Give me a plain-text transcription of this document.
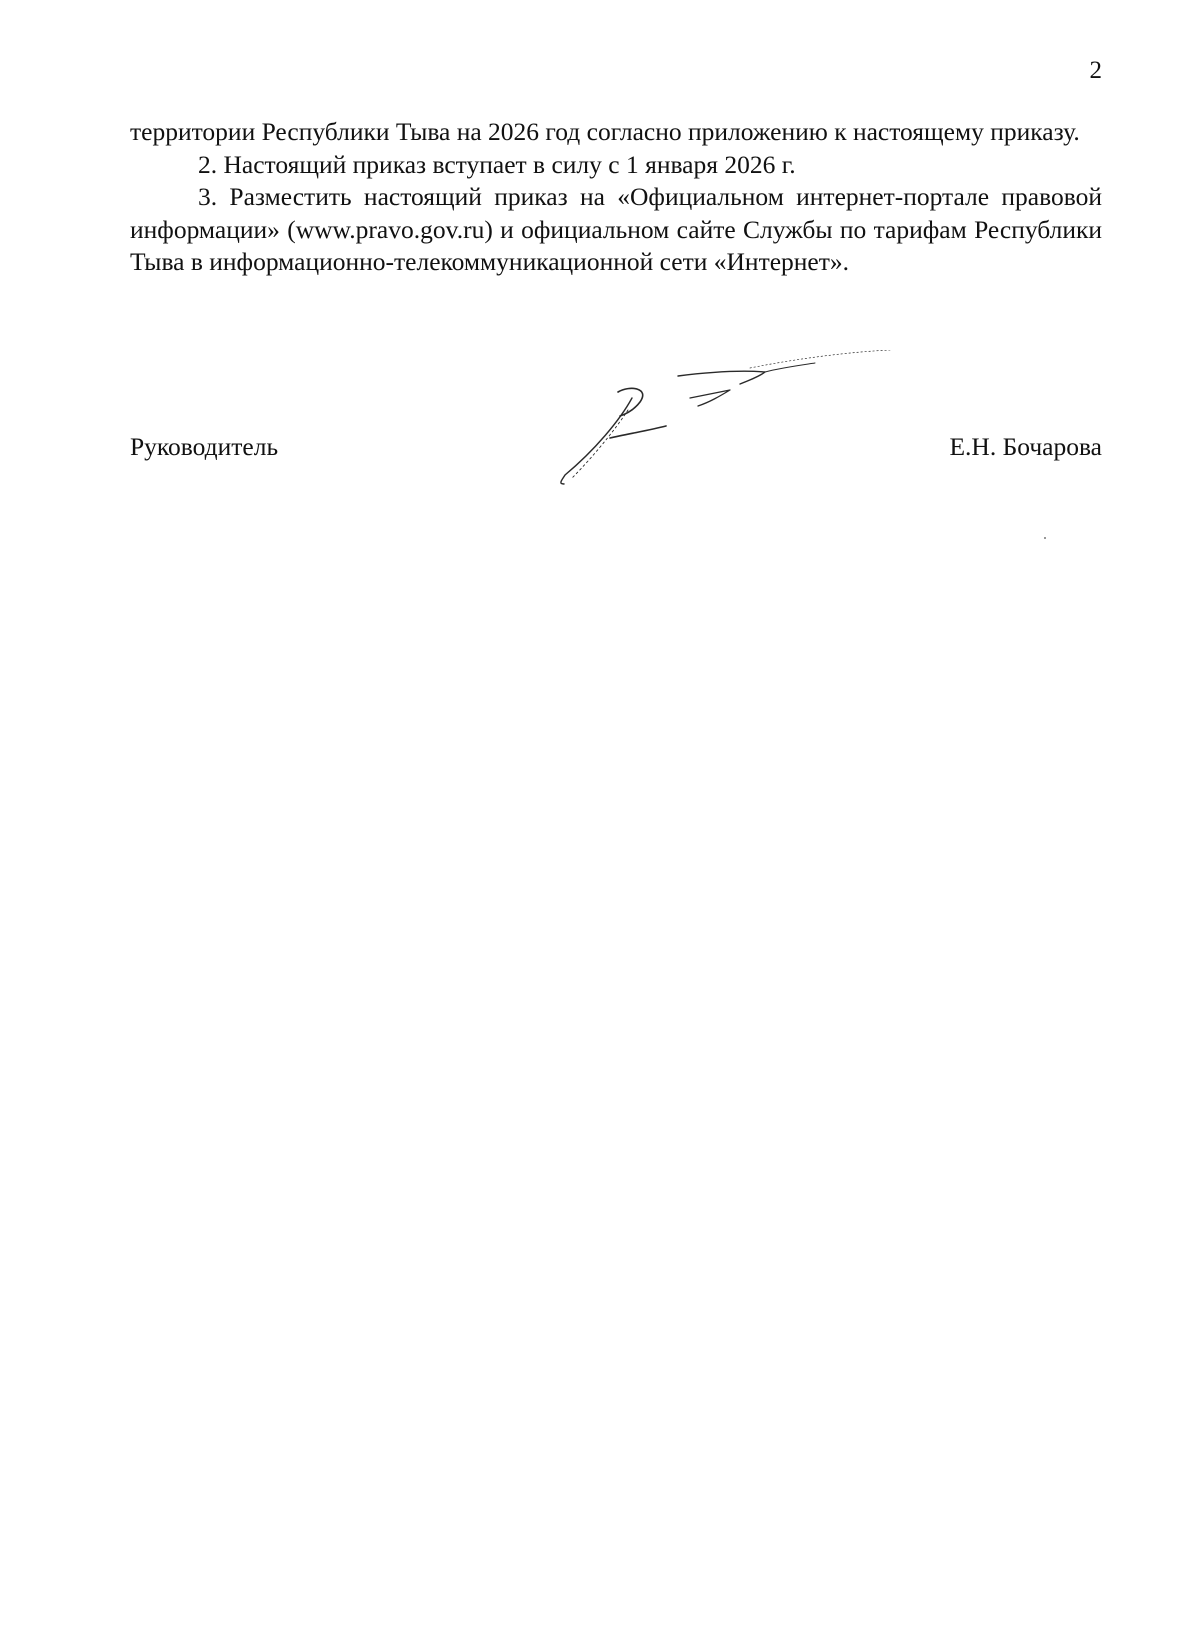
2

территории Республики Тыва на 2026 год согласно приложению к настоящему приказу.

2. Настоящий приказ вступает в силу с 1 января 2026 г.

3. Разместить настоящий приказ на «Официальном интернет-портале правовой информации» (www.pravo.gov.ru) и официальном сайте Службы по тарифам Республики Тыва в информационно-телекоммуникационной сети «Интернет».

Руководитель	Е.Н. Бочарова
